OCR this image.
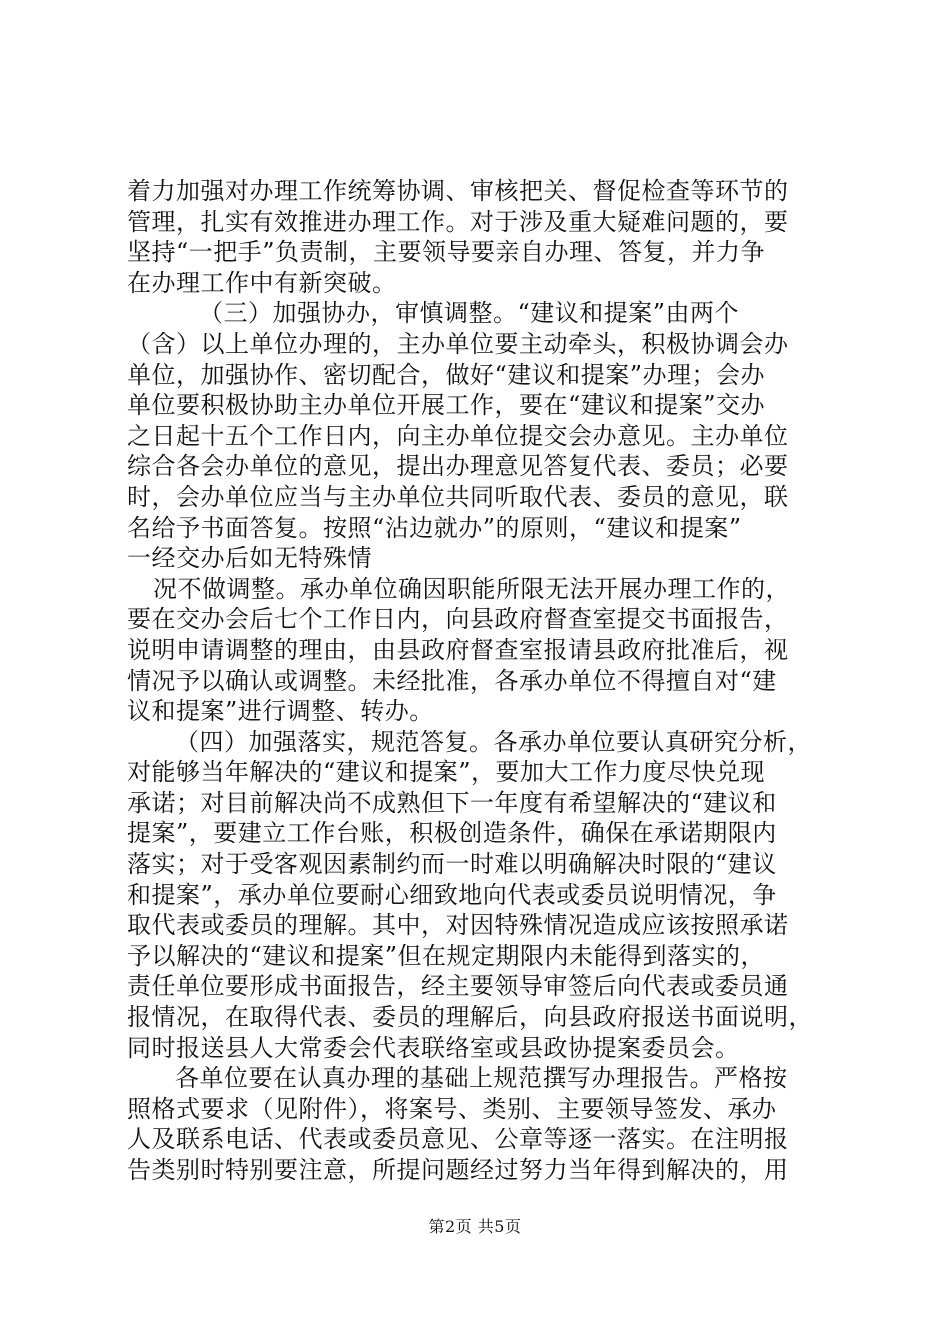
着力加强对办理工作统筹协调、审核把关、督促检查等环节的
管理，扎实有效推进办理工作。对于涉及重大疑难问题的，要
坚持“一把手”负责制，主要领导要亲自办理、答复，并力争
在办理工作中有新突破。
（三）加强协办，审慎调整。“建议和提案”由两个
（含）以上单位办理的，主办单位要主动牵头，积极协调会办
单位，加强协作、密切配合，做好“建议和提案”办理；会办
单位要积极协助主办单位开展工作，要在“建议和提案”交办
之日起十五个工作日内，向主办单位提交会办意见。主办单位
综合各会办单位的意见，提出办理意见答复代表、委员；必要
时，会办单位应当与主办单位共同听取代表、委员的意见，联
名给予书面答复。按照“沾边就办”的原则，“建议和提案”
一经交办后如无特殊情
况不做调整。承办单位确因职能所限无法开展办理工作的，
要在交办会后七个工作日内，向县政府督查室提交书面报告，
说明申请调整的理由，由县政府督查室报请县政府批准后，视
情况予以确认或调整。未经批准，各承办单位不得擅自对“建
议和提案”进行调整、转办。
（四）加强落实，规范答复。各承办单位要认真研究分析，
对能够当年解决的“建议和提案”，要加大工作力度尽快兑现
承诺；对目前解决尚不成熟但下一年度有希望解决的“建议和
提案”，要建立工作台账，积极创造条件，确保在承诺期限内
落实；对于受客观因素制约而一时难以明确解决时限的“建议
和提案”，承办单位要耐心细致地向代表或委员说明情况，争
取代表或委员的理解。其中，对因特殊情况造成应该按照承诺
予以解决的“建议和提案”但在规定期限内未能得到落实的，
责任单位要形成书面报告，经主要领导审签后向代表或委员通
报情况，在取得代表、委员的理解后，向县政府报送书面说明，
同时报送县人大常委会代表联络室或县政协提案委员会。
各单位要在认真办理的基础上规范撰写办理报告。严格按
照格式要求（见附件），将案号、类别、主要领导签发、承办
人及联系电话、代表或委员意见、公章等逐一落实。在注明报
告类别时特别要注意，所提问题经过努力当年得到解决的，用
第2页 共5页
